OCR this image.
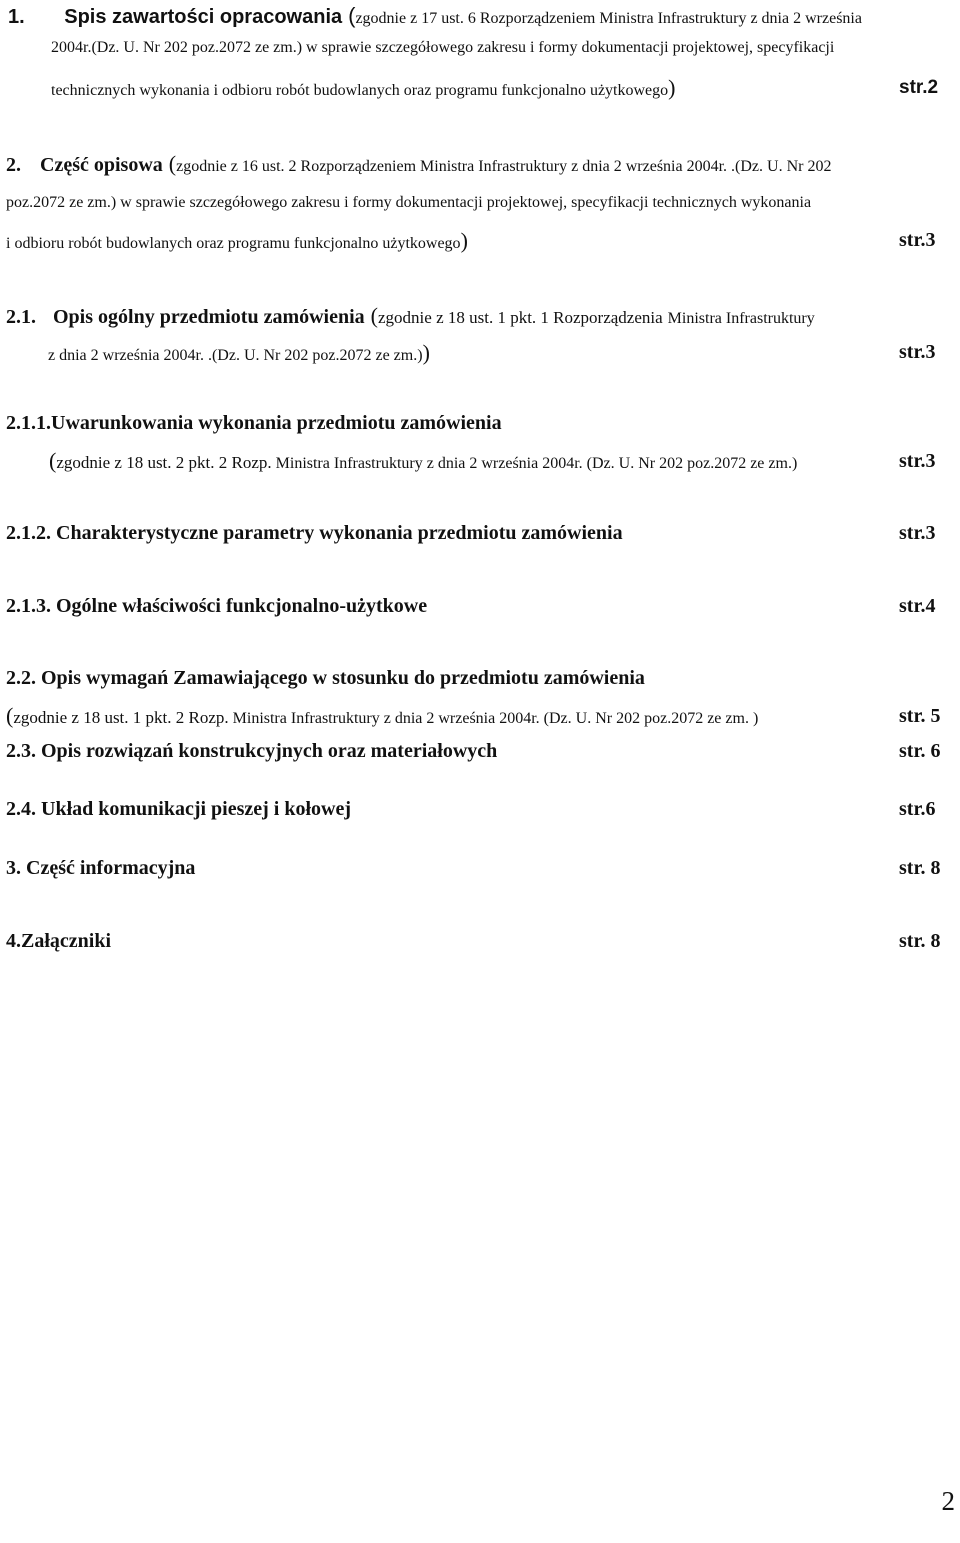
1. Spis zawartości opracowania (zgodnie z 17 ust. 6 Rozporządzeniem Ministra Infrastruktury z dnia 2 września
2004r.(Dz. U. Nr 202 poz.2072 ze zm.) w sprawie szczegółowego zakresu i formy dokumentacji projektowej, specyfikacji
technicznych wykonania i odbioru robót budowlanych oraz programu funkcjonalno użytkowego)	str.2
2. Część opisowa (zgodnie z 16 ust. 2 Rozporządzeniem Ministra Infrastruktury z dnia 2 września 2004r. .(Dz. U. Nr 202
poz.2072 ze zm.) w sprawie szczegółowego zakresu i formy dokumentacji projektowej, specyfikacji technicznych wykonania
i odbioru robót budowlanych oraz programu funkcjonalno użytkowego)	str.3
2.1. Opis ogólny przedmiotu zamówienia (zgodnie z 18 ust. 1 pkt. 1 Rozporządzenia Ministra Infrastruktury
z dnia 2 września 2004r. .(Dz. U. Nr 202 poz.2072 ze zm.))	str.3
2.1.1.Uwarunkowania wykonania przedmiotu zamówienia
(zgodnie z 18 ust. 2 pkt. 2 Rozp. Ministra Infrastruktury z dnia 2 września 2004r. (Dz. U. Nr 202 poz.2072 ze zm.)	str.3
2.1.2. Charakterystyczne parametry wykonania przedmiotu zamówienia	str.3
2.1.3. Ogólne właściwości funkcjonalno-użytkowe	str.4
2.2. Opis wymagań Zamawiającego w stosunku do przedmiotu zamówienia
(zgodnie z 18 ust. 1 pkt. 2 Rozp. Ministra Infrastruktury z dnia 2 września 2004r. (Dz. U. Nr 202 poz.2072 ze zm. )	str. 5
2.3. Opis rozwiązań konstrukcyjnych oraz materiałowych	str. 6
2.4. Układ komunikacji pieszej i kołowej	str.6
3. Część informacyjna	str. 8
4.Załączniki	str. 8
2
